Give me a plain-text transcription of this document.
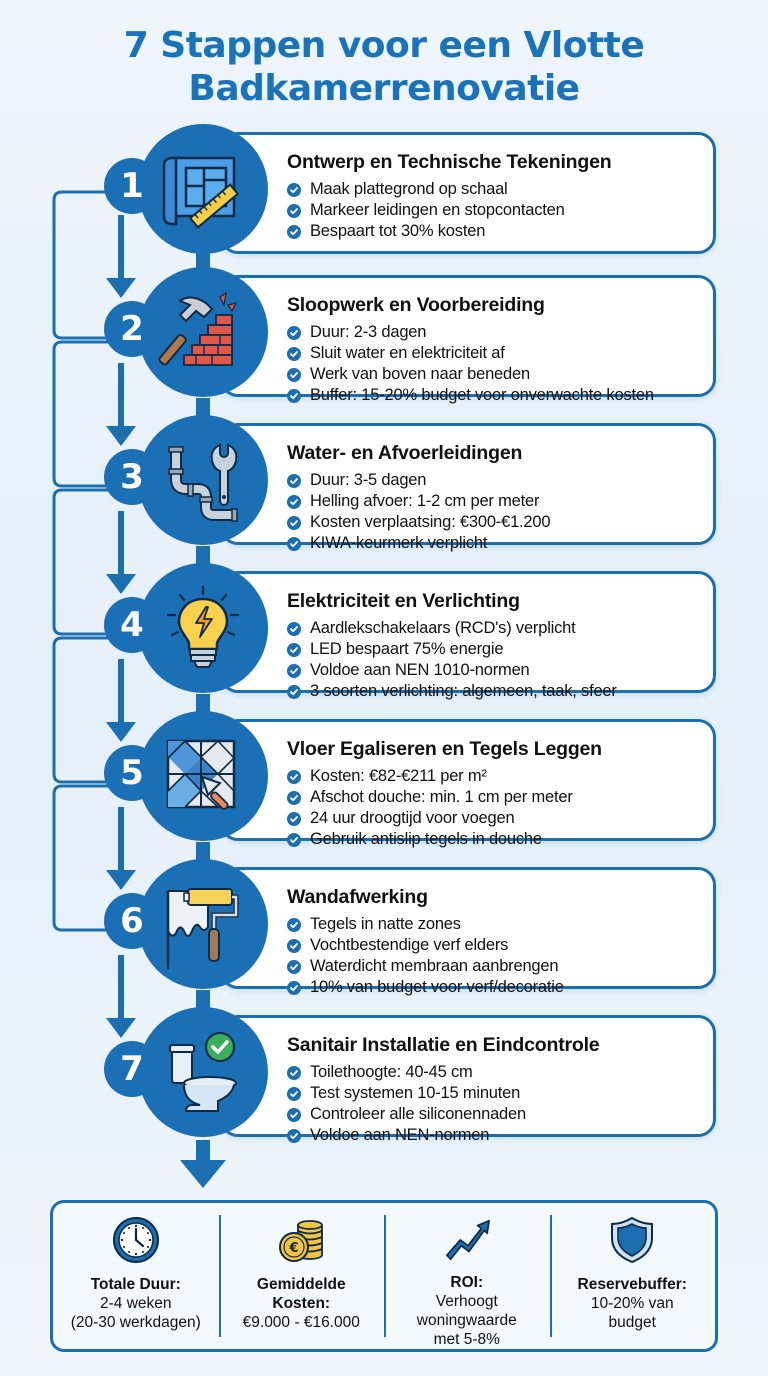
7 Stappen voor een Vlotte
Badkamerrenovatie
Ontwerp en Technische Tekeningen
Maak plattegrond op schaal
Markeer leidingen en stopcontacten
Bespaart tot 30% kosten
1
Sloopwerk en Voorbereiding
Duur: 2-3 dagen
Sluit water en elektriciteit af
Werk van boven naar beneden
Buffer: 15-20% budget voor onverwachte kosten
2
Water- en Afvoerleidingen
Duur: 3-5 dagen
Helling afvoer: 1-2 cm per meter
Kosten verplaatsing: €300-€1.200
KIWA-keurmerk verplicht
3
Elektriciteit en Verlichting
Aardlekschakelaars (RCD's) verplicht
LED bespaart 75% energie
Voldoe aan NEN 1010-normen
3 soorten verlichting: algemeen, taak, sfeer
4
Vloer Egaliseren en Tegels Leggen
Kosten: €82-€211 per m²
Afschot douche: min. 1 cm per meter
24 uur droogtijd voor voegen
Gebruik antislip tegels in douche
5
Wandafwerking
Tegels in natte zones
Vochtbestendige verf elders
Waterdicht membraan aanbrengen
10% van budget voor verf/decoratie
6
Sanitair Installatie en Eindcontrole
Toilethoogte: 40-45 cm
Test systemen 10-15 minuten
Controleer alle siliconennaden
Voldoe aan NEN-normen
7
Totale Duur:
2-4 weken
(20-30 werkdagen)
€
Gemiddelde
Kosten:
€9.000 - €16.000
ROI:
Verhoogt
woningwaarde
met 5-8%
Reservebuffer:
10-20% van
budget
